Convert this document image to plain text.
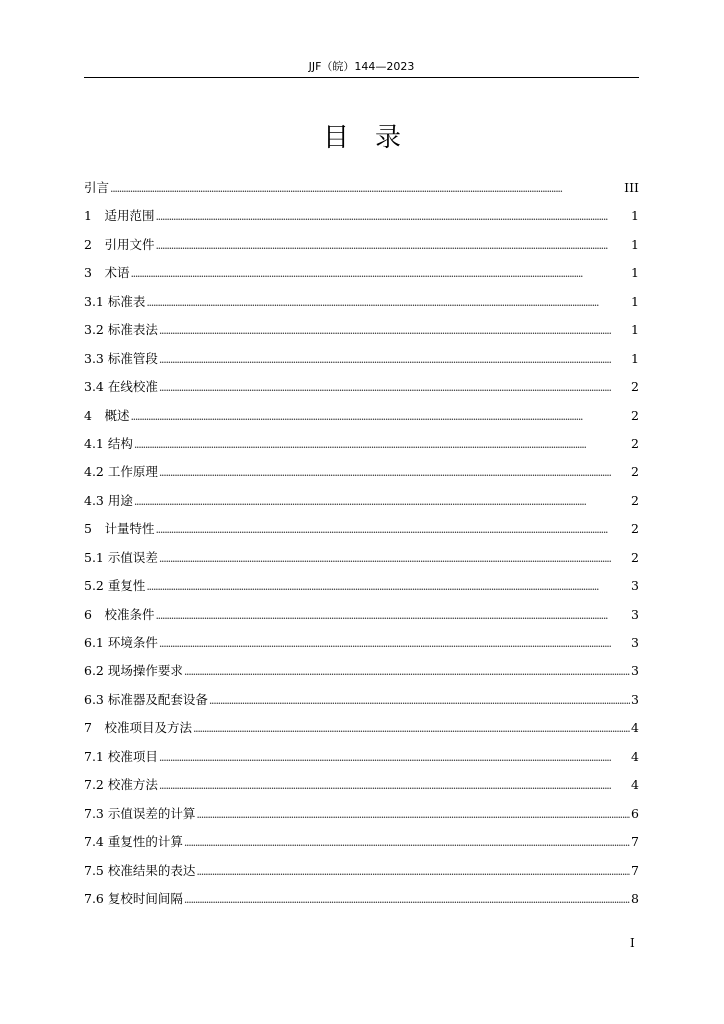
JJF（皖）144—2023
目录
引言 . . .	III
1　适用范围 . . .	1
2　引用文件 . . .	1
3　术语 . . .	1
3.1 标准表 . . .	1
3.2 标准表法 . . .	1
3.3 标准管段 . . .	1
3.4 在线校准 . . .	2
4　概述 . . .	2
4.1 结构 . . .	2
4.2 工作原理 . . .	2
4.3 用途 . . .	2
5　计量特性 . . .	2
5.1 示值误差 . . .	2
5.2 重复性 . . .	3
6　校准条件 . . .	3
6.1 环境条件 . . .	3
6.2 现场操作要求 . . .	3
6.3 标准器及配套设备 . . .	3
7　校准项目及方法 . . .	4
7.1 校准项目 . . .	4
7.2 校准方法 . . .	4
7.3 示值误差的计算 . . .	6
7.4 重复性的计算 . . .	7
7.5 校准结果的表达 . . .	7
7.6 复校时间间隔 . . .	8
I
